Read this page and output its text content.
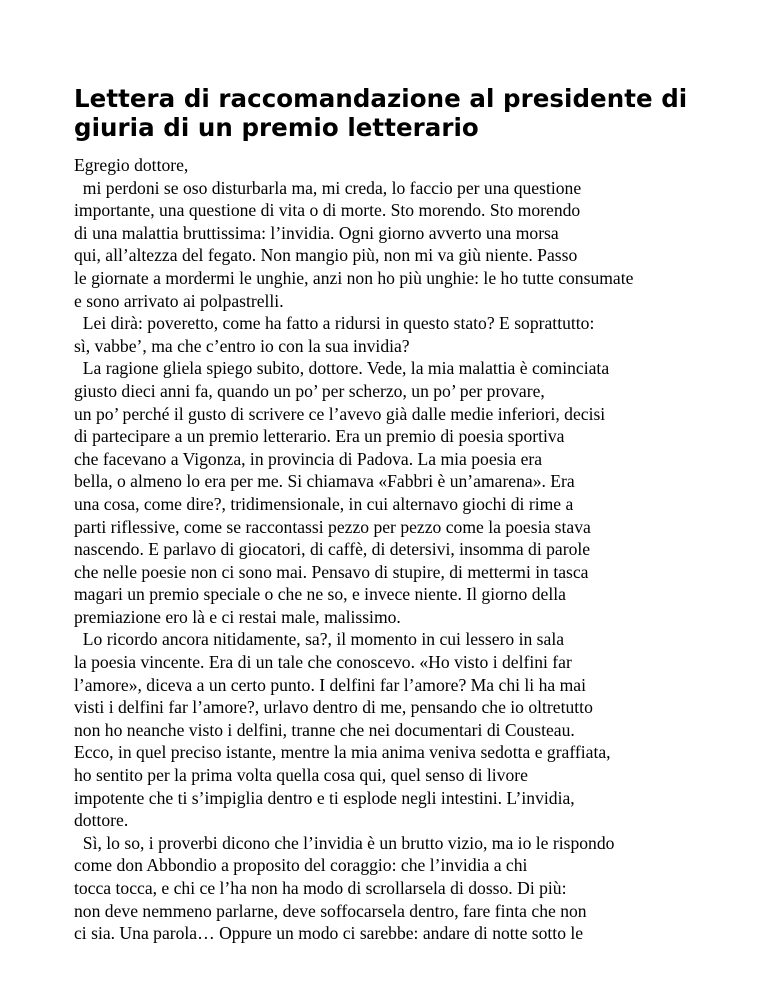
Lettera di raccomandazione al presidente di
giuria di un premio letterario
Egregio dottore,
mi perdoni se oso disturbarla ma, mi creda, lo faccio per una questione
importante, una questione di vita o di morte. Sto morendo. Sto morendo
di una malattia bruttissima: l’invidia. Ogni giorno avverto una morsa
qui, all’altezza del fegato. Non mangio più, non mi va giù niente. Passo
le giornate a mordermi le unghie, anzi non ho più unghie: le ho tutte consumate
e sono arrivato ai polpastrelli.
Lei dirà: poveretto, come ha fatto a ridursi in questo stato? E soprattutto:
sì, vabbe’, ma che c’entro io con la sua invidia?
La ragione gliela spiego subito, dottore. Vede, la mia malattia è cominciata
giusto dieci anni fa, quando un po’ per scherzo, un po’ per provare,
un po’ perché il gusto di scrivere ce l’avevo già dalle medie inferiori, decisi
di partecipare a un premio letterario. Era un premio di poesia sportiva
che facevano a Vigonza, in provincia di Padova. La mia poesia era
bella, o almeno lo era per me. Si chiamava «Fabbri è un’amarena». Era
una cosa, come dire?, tridimensionale, in cui alternavo giochi di rime a
parti riflessive, come se raccontassi pezzo per pezzo come la poesia stava
nascendo. E parlavo di giocatori, di caffè, di detersivi, insomma di parole
che nelle poesie non ci sono mai. Pensavo di stupire, di mettermi in tasca
magari un premio speciale o che ne so, e invece niente. Il giorno della
premiazione ero là e ci restai male, malissimo.
Lo ricordo ancora nitidamente, sa?, il momento in cui lessero in sala
la poesia vincente. Era di un tale che conoscevo. «Ho visto i delfini far
l’amore», diceva a un certo punto. I delfini far l’amore? Ma chi li ha mai
visti i delfini far l’amore?, urlavo dentro di me, pensando che io oltretutto
non ho neanche visto i delfini, tranne che nei documentari di Cousteau.
Ecco, in quel preciso istante, mentre la mia anima veniva sedotta e graffiata,
ho sentito per la prima volta quella cosa qui, quel senso di livore
impotente che ti s’impiglia dentro e ti esplode negli intestini. L’invidia,
dottore.
Sì, lo so, i proverbi dicono che l’invidia è un brutto vizio, ma io le rispondo
come don Abbondio a proposito del coraggio: che l’invidia a chi
tocca tocca, e chi ce l’ha non ha modo di scrollarsela di dosso. Di più:
non deve nemmeno parlarne, deve soffocarsela dentro, fare finta che non
ci sia. Una parola… Oppure un modo ci sarebbe: andare di notte sotto le
